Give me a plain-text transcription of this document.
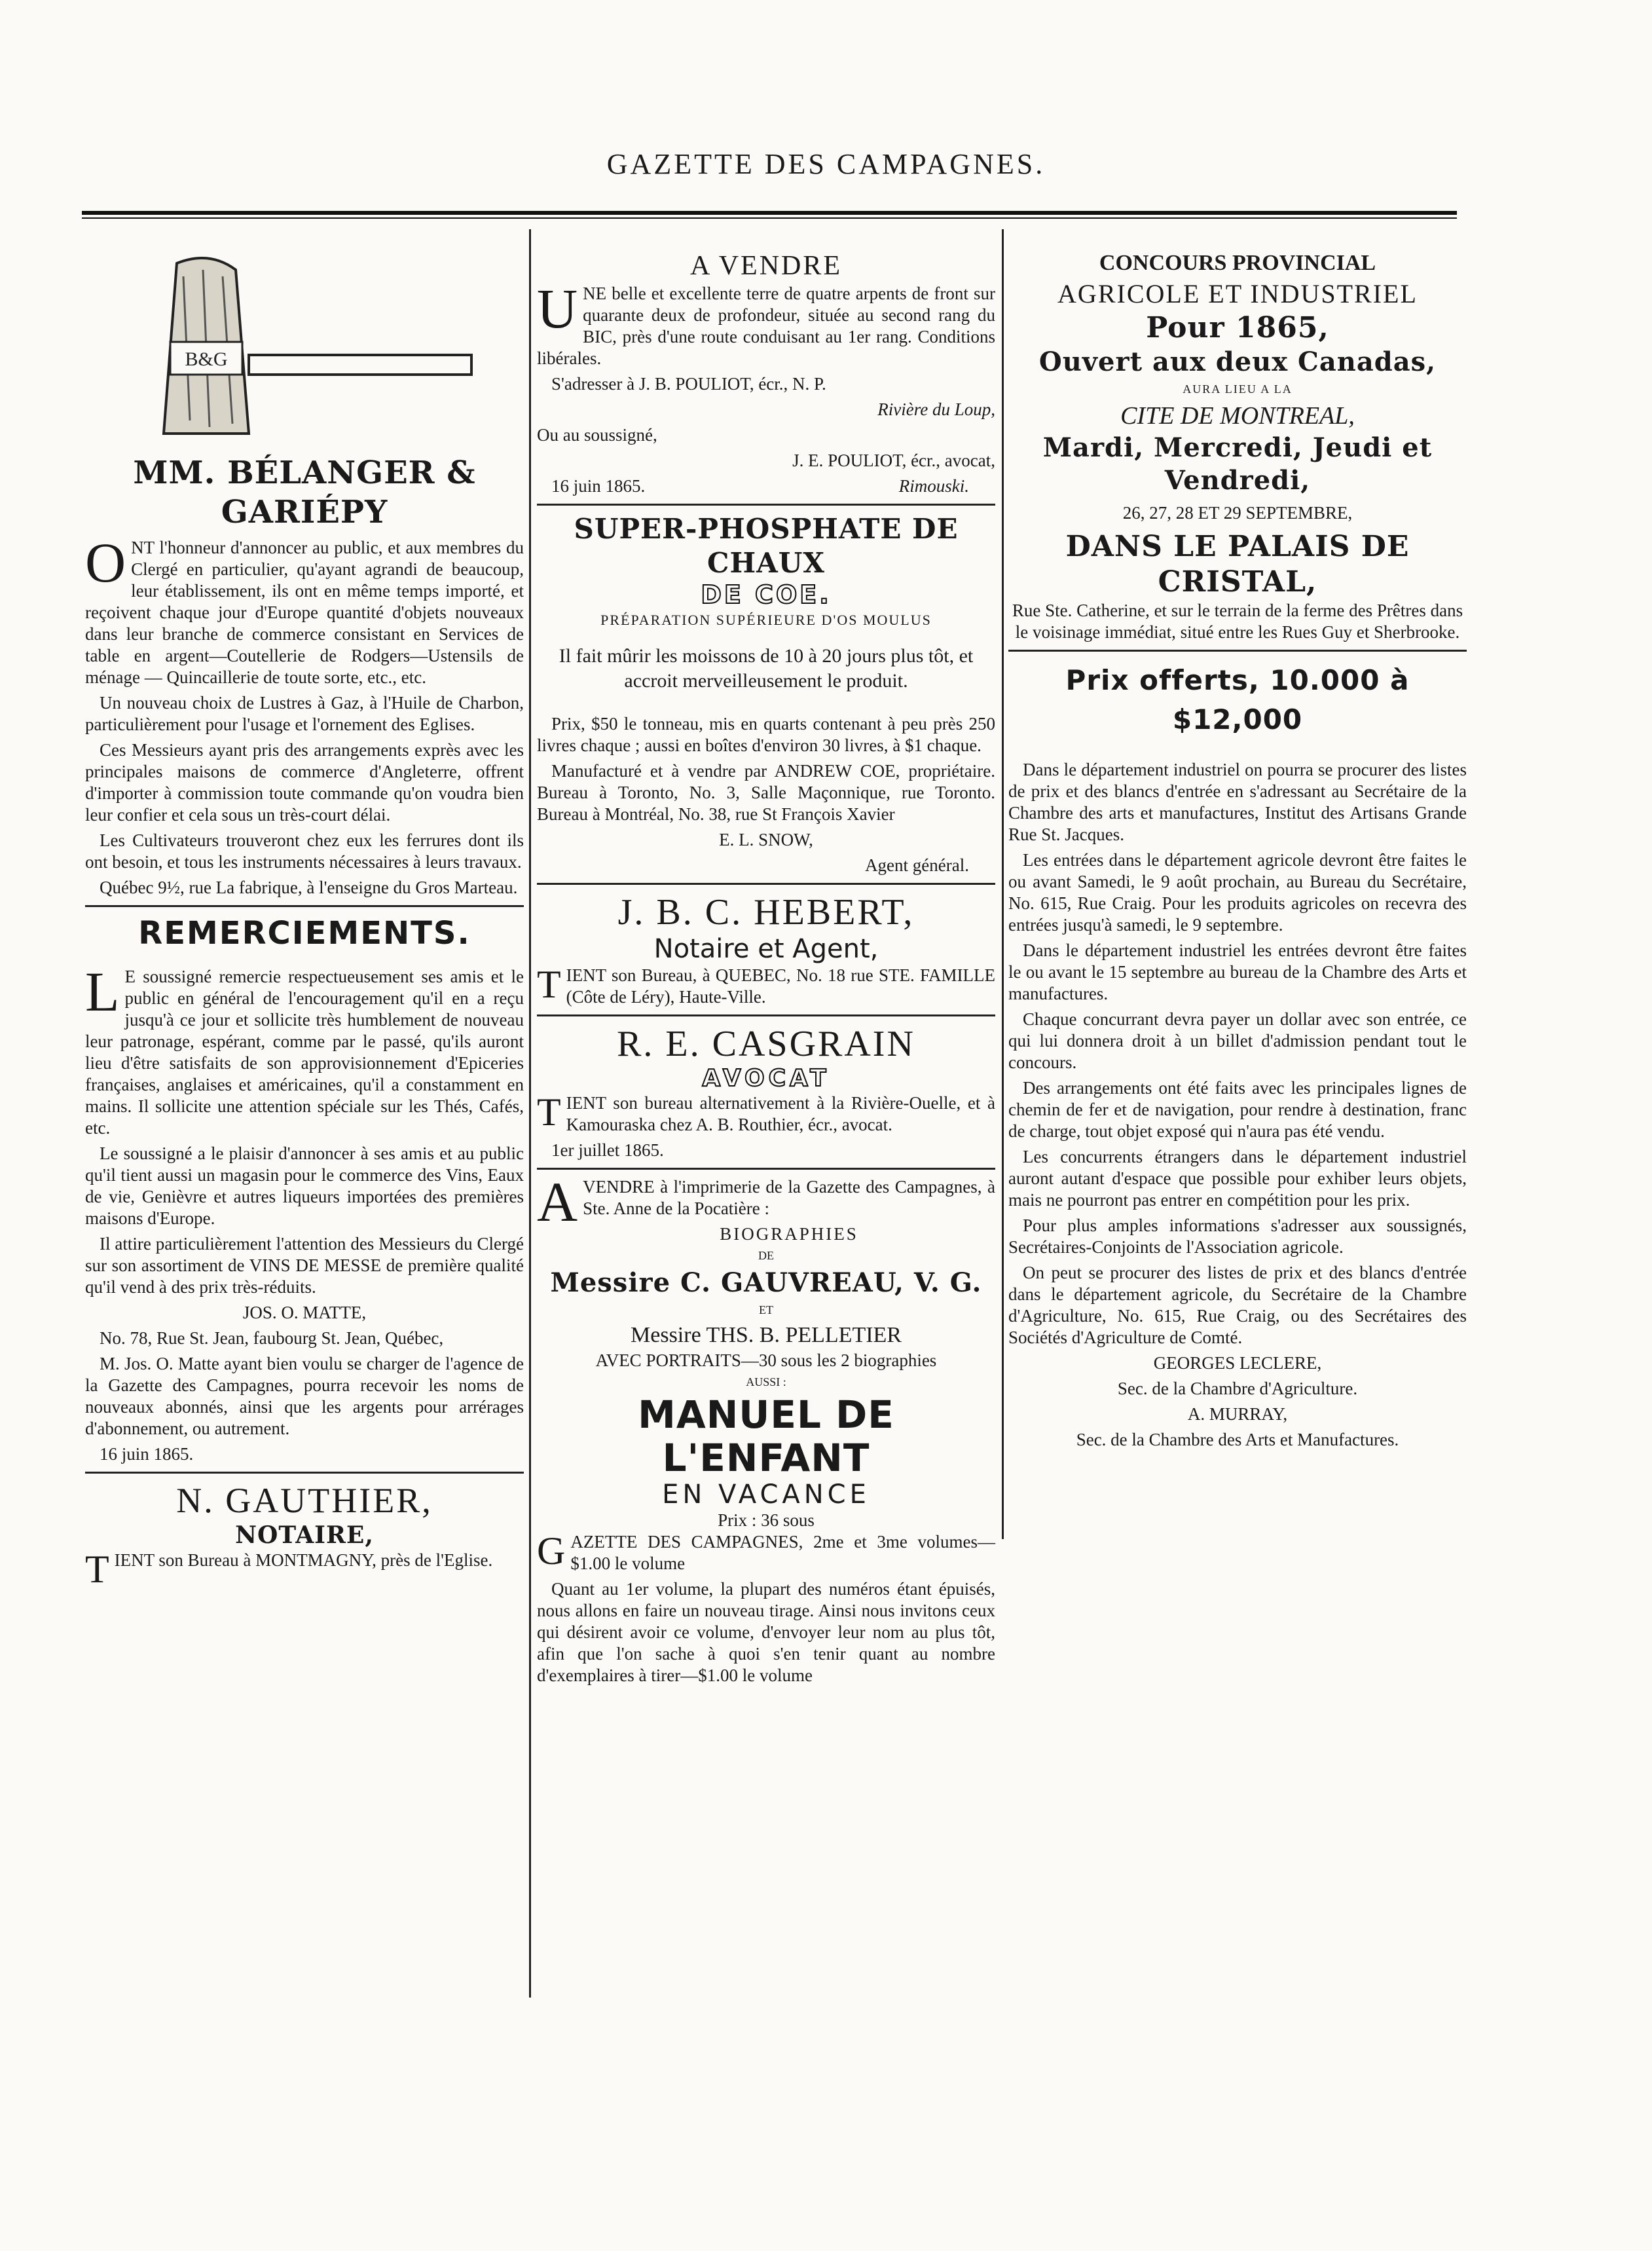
GAZETTE DES CAMPAGNES.
B&G
MM. BÉLANGER & GARIÉPY

ONT l'honneur d'annoncer au public, et aux membres du Clergé en particulier, qu'ayant agrandi de beaucoup, leur établissement, ils ont en même temps importé, et reçoivent chaque jour d'Europe quantité d'objets nouveaux dans leur branche de commerce consistant en Services de table en argent—Coutellerie de Rodgers—Ustensils de ménage — Quincaillerie de toute sorte, etc., etc.

Un nouveau choix de Lustres à Gaz, à l'Huile de Charbon, particulièrement pour l'usage et l'ornement des Eglises.

Ces Messieurs ayant pris des arrangements exprès avec les principales maisons de commerce d'Angleterre, offrent d'importer à commission toute commande qu'on voudra bien leur confier et cela sous un très-court délai.

Les Cultivateurs trouveront chez eux les ferrures dont ils ont besoin, et tous les instruments nécessaires à leurs travaux.

Québec 9½, rue La fabrique, à l'enseigne du Gros Marteau.

REMERCIEMENTS.

L E soussigné remercie respectueusement ses amis et le public en général de l'encouragement qu'il en a reçu jusqu'à ce jour et sollicite très humblement de nouveau leur patronage, espérant, comme par le passé, qu'ils auront lieu d'être satisfaits de son approvisionnement d'Epiceries françaises, anglaises et américaines, qu'il a constamment en mains. Il sollicite une attention spéciale sur les Thés, Cafés, etc.

Le soussigné a le plaisir d'annoncer à ses amis et au public qu'il tient aussi un magasin pour le commerce des Vins, Eaux de vie, Genièvre et autres liqueurs importées des premières maisons d'Europe.

Il attire particulièrement l'attention des Messieurs du Clergé sur son assortiment de VINS DE MESSE de première qualité qu'il vend à des prix très-réduits.

JOS. O. MATTE,

No. 78, Rue St. Jean, faubourg St. Jean, Québec,

M. Jos. O. Matte ayant bien voulu se charger de l'agence de la Gazette des Campagnes, pourra recevoir les noms de nouveaux abonnés, ainsi que les argents pour arrérages d'abonnement, ou autrement.

16 juin 1865.

N. GAUTHIER,
NOTAIRE,

TIENT son Bureau à MONTMAGNY, près de l'Eglise.

A VENDRE

UNE belle et excellente terre de quatre arpents de front sur quarante deux de profondeur, située au second rang du BIC, près d'une route conduisant au 1er rang. Conditions libérales.

S'adresser à J. B. POULIOT, écr., N. P.

Rivière du Loup,

Ou au soussigné,

J. E. POULIOT, écr., avocat,

16 juin 1865.	Rimouski.

SUPER-PHOSPHATE DE CHAUX
DE COE.
PRÉPARATION SUPÉRIEURE D'OS MOULUS

Il fait mûrir les moissons de 10 à 20 jours plus tôt, et accroit merveilleusement le produit.

Prix, $50 le tonneau, mis en quarts contenant à peu près 250 livres chaque ; aussi en boîtes d'environ 30 livres, à $1 chaque.

Manufacturé et à vendre par ANDREW COE, propriétaire. Bureau à Toronto, No. 3, Salle Maçonnique, rue Toronto. Bureau à Montréal, No. 38, rue St François Xavier

E. L. SNOW,

Agent général.

J. B. C. HEBERT,
Notaire et Agent,

TIENT son Bureau, à QUEBEC, No. 18 rue STE. FAMILLE (Côte de Léry), Haute-Ville.

R. E. CASGRAIN
AVOCAT

TIENT son bureau alternativement à la Rivière-Ouelle, et à Kamouraska chez A. B. Routhier, écr., avocat.

1er juillet 1865.

AVENDRE à l'imprimerie de la Gazette des Campagnes, à Ste. Anne de la Pocatière :

BIOGRAPHIES
DE
Messire C. GAUVREAU, V. G.
ET
Messire THS. B. PELLETIER
AVEC PORTRAITS—30 sous les 2 biographies
AUSSI :
MANUEL DE L'ENFANT
EN VACANCE
Prix : 36 sous

GAZETTE DES CAMPAGNES, 2me et 3me volumes—$1.00 le volume

Quant au 1er volume, la plupart des numéros étant épuisés, nous allons en faire un nouveau tirage. Ainsi nous invitons ceux qui désirent avoir ce volume, d'envoyer leur nom au plus tôt, afin que l'on sache à quoi s'en tenir quant au nombre d'exemplaires à tirer—$1.00 le volume

CONCOURS PROVINCIAL
AGRICOLE ET INDUSTRIEL
Pour 1865,
Ouvert aux deux Canadas,
AURA LIEU A LA
CITE DE MONTREAL,
Mardi, Mercredi, Jeudi et Vendredi,
26, 27, 28 ET 29 SEPTEMBRE,
DANS LE PALAIS DE CRISTAL,

Rue Ste. Catherine, et sur le terrain de la ferme des Prêtres dans le voisinage immédiat, situé entre les Rues Guy et Sherbrooke.

Prix offerts, 10.000 à $12,000

Dans le département industriel on pourra se procurer des listes de prix et des blancs d'entrée en s'adressant au Secrétaire de la Chambre des arts et manufactures, Institut des Artisans Grande Rue St. Jacques.

Les entrées dans le département agricole devront être faites le ou avant Samedi, le 9 août prochain, au Bureau du Secrétaire, No. 615, Rue Craig. Pour les produits agricoles on recevra des entrées jusqu'à samedi, le 9 septembre.

Dans le département industriel les entrées devront être faites le ou avant le 15 septembre au bureau de la Chambre des Arts et manufactures.

Chaque concurrant devra payer un dollar avec son entrée, ce qui lui donnera droit à un billet d'admission pendant tout le concours.

Des arrangements ont été faits avec les principales lignes de chemin de fer et de navigation, pour rendre à destination, franc de charge, tout objet exposé qui n'aura pas été vendu.

Les concurrents étrangers dans le département industriel auront autant d'espace que possible pour exhiber leurs objets, mais ne pourront pas entrer en compétition pour les prix.

Pour plus amples informations s'adresser aux soussignés, Secrétaires-Conjoints de l'Association agricole.

On peut se procurer des listes de prix et des blancs d'entrée dans le département agricole, du Secrétaire de la Chambre d'Agriculture, No. 615, Rue Craig, ou des Secrétaires des Sociétés d'Agriculture de Comté.

GEORGES LECLERE,

Sec. de la Chambre d'Agriculture.

A. MURRAY,

Sec. de la Chambre des Arts et Manufactures.
